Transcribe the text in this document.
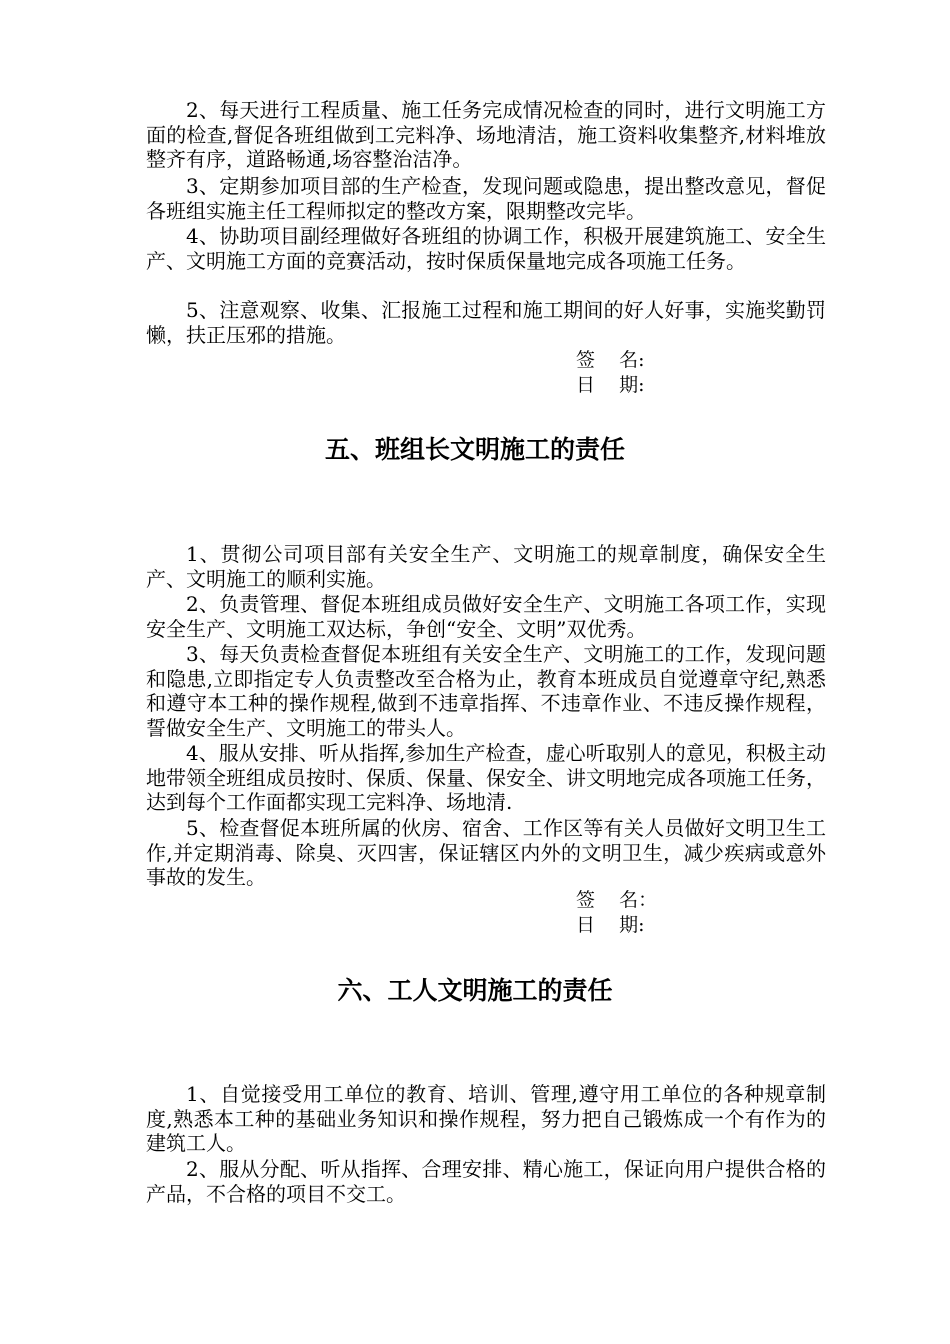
2、每天进行工程质量、施工任务完成情况检查的同时，进行文明施工方面的检查,督促各班组做到工完料净、场地清洁，施工资料收集整齐,材料堆放整齐有序，道路畅通,场容整治洁净。

3、定期参加项目部的生产检查，发现问题或隐患，提出整改意见，督促各班组实施主任工程师拟定的整改方案，限期整改完毕。

4、协助项目副经理做好各班组的协调工作，积极开展建筑施工、安全生产、文明施工方面的竞赛活动，按时保质保量地完成各项施工任务。

5、注意观察、收集、汇报施工过程和施工期间的好人好事，实施奖勤罚懒，扶正压邪的措施。

签    名:

日    期:

五、班组长文明施工的责任

1、贯彻公司项目部有关安全生产、文明施工的规章制度，确保安全生产、文明施工的顺利实施。

2、负责管理、督促本班组成员做好安全生产、文明施工各项工作，实现安全生产、文明施工双达标，争创“安全、文明”双优秀。

3、每天负责检查督促本班组有关安全生产、文明施工的工作，发现问题和隐患,立即指定专人负责整改至合格为止，教育本班成员自觉遵章守纪,熟悉和遵守本工种的操作规程,做到不违章指挥、不违章作业、不违反操作规程，誓做安全生产、文明施工的带头人。

4、服从安排、听从指挥,参加生产检查，虚心听取别人的意见，积极主动地带领全班组成员按时、保质、保量、保安全、讲文明地完成各项施工任务，达到每个工作面都实现工完料净、场地清.

5、检查督促本班所属的伙房、宿舍、工作区等有关人员做好文明卫生工作,并定期消毒、除臭、灭四害，保证辖区内外的文明卫生，减少疾病或意外事故的发生。

签    名：

日    期:

六、工人文明施工的责任

1、自觉接受用工单位的教育、培训、管理,遵守用工单位的各种规章制度,熟悉本工种的基础业务知识和操作规程，努力把自己锻炼成一个有作为的建筑工人。

2、服从分配、听从指挥、合理安排、精心施工，保证向用户提供合格的产品，不合格的项目不交工。
